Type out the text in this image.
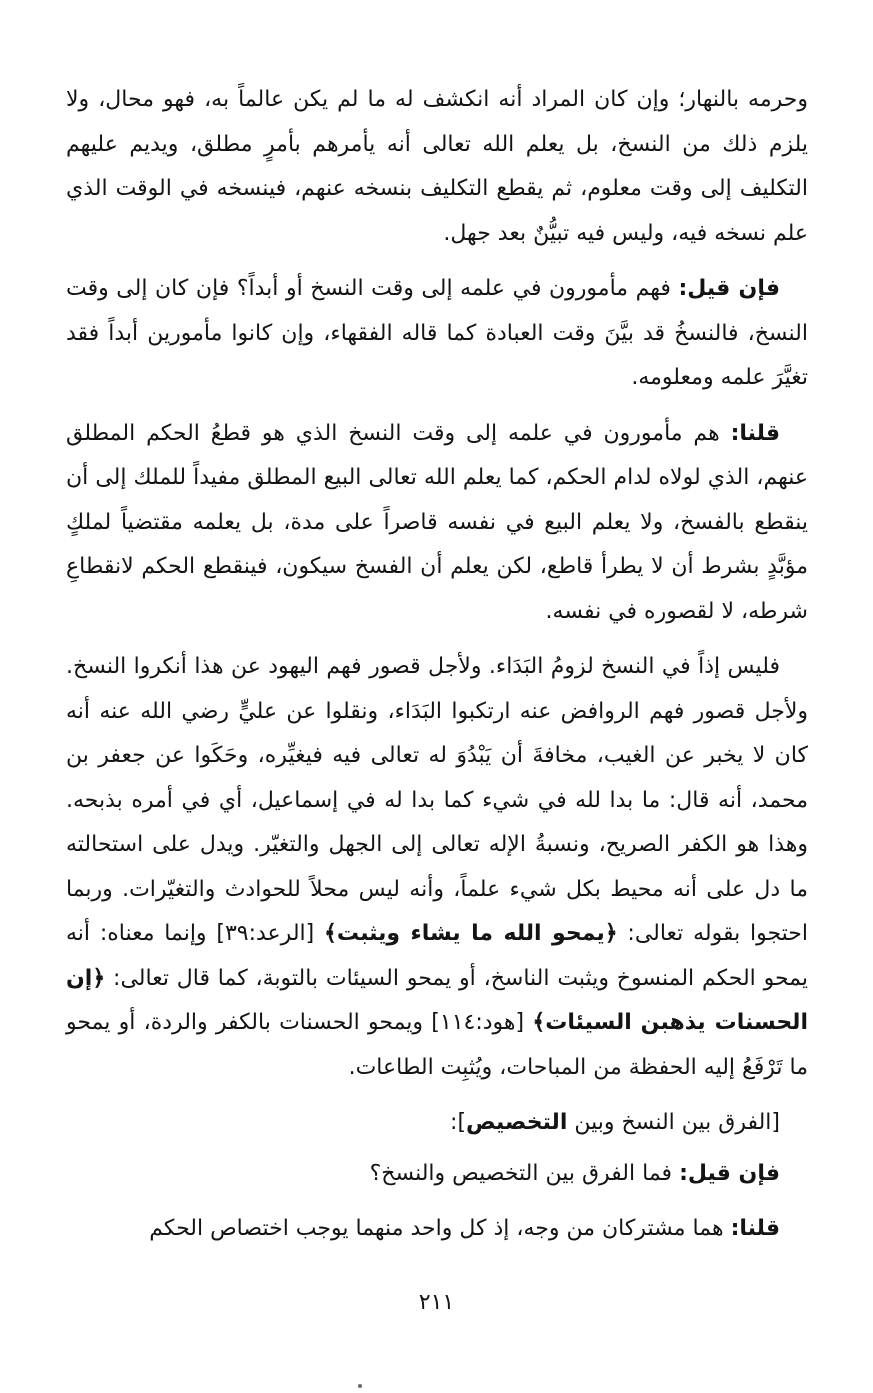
وحرمه بالنهار؛ وإن كان المراد أنه انكشف له ما لم يكن عالماً به، فهو محال، ولا يلزم ذلك من النسخ، بل يعلم الله تعالى أنه يأمرهم بأمرٍ مطلق، ويديم عليهم التكليف إلى وقت معلوم، ثم يقطع التكليف بنسخه عنهم، فينسخه في الوقت الذي علم نسخه فيه، وليس فيه تبيُّنٌ بعد جهل.

فإن قيل: فهم مأمورون في علمه إلى وقت النسخ أو أبداً؟ فإن كان إلى وقت النسخ، فالنسخُ قد بيَّنَ وقت العبادة كما قاله الفقهاء، وإن كانوا مأمورين أبداً فقد تغيَّرَ علمه ومعلومه.

قلنا: هم مأمورون في علمه إلى وقت النسخ الذي هو قطعُ الحكم المطلق عنهم، الذي لولاه لدام الحكم، كما يعلم الله تعالى البيع المطلق مفيداً للملك إلى أن ينقطع بالفسخ، ولا يعلم البيع في نفسه قاصراً على مدة، بل يعلمه مقتضياً لملكٍ مؤبَّدٍ بشرط أن لا يطرأ قاطع، لكن يعلم أن الفسخ سيكون، فينقطع الحكم لانقطاعِ شرطه، لا لقصوره في نفسه.

فليس إذاً في النسخ لزومُ البَدَاء. ولأجل قصور فهم اليهود عن هذا أنكروا النسخ. ولأجل قصور فهم الروافض عنه ارتكبوا البَدَاء، ونقلوا عن عليٍّ رضي الله عنه أنه كان لا يخبر عن الغيب، مخافةَ أن يَبْدُوَ له تعالى فيه فيغيِّره، وحَكَوا عن جعفر بن محمد، أنه قال: ما بدا لله في شيء كما بدا له في إسماعيل، أي في أمره بذبحه. وهذا هو الكفر الصريح، ونسبةُ الإله تعالى إلى الجهل والتغيّر. ويدل على استحالته ما دل على أنه محيط بكل شيء علماً، وأنه ليس محلاً للحوادث والتغيّرات. وربما احتجوا بقوله تعالى: ﴿يمحو الله ما يشاء ويثبت﴾ [الرعد:٣٩] وإنما معناه: أنه يمحو الحكم المنسوخ ويثبت الناسخ، أو يمحو السيئات بالتوبة، كما قال تعالى: ﴿إن الحسنات يذهبن السيئات﴾ [هود:١١٤] ويمحو الحسنات بالكفر والردة، أو يمحو ما تَرْفَعُ إليه الحفظة من المباحات، ويُثبِت الطاعات.

[الفرق بين النسخ وبين التخصيص]:

فإن قيل: فما الفرق بين التخصيص والنسخ؟

قلنا: هما مشتركان من وجه، إذ كل واحد منهما يوجب اختصاص الحكم

٢١١
